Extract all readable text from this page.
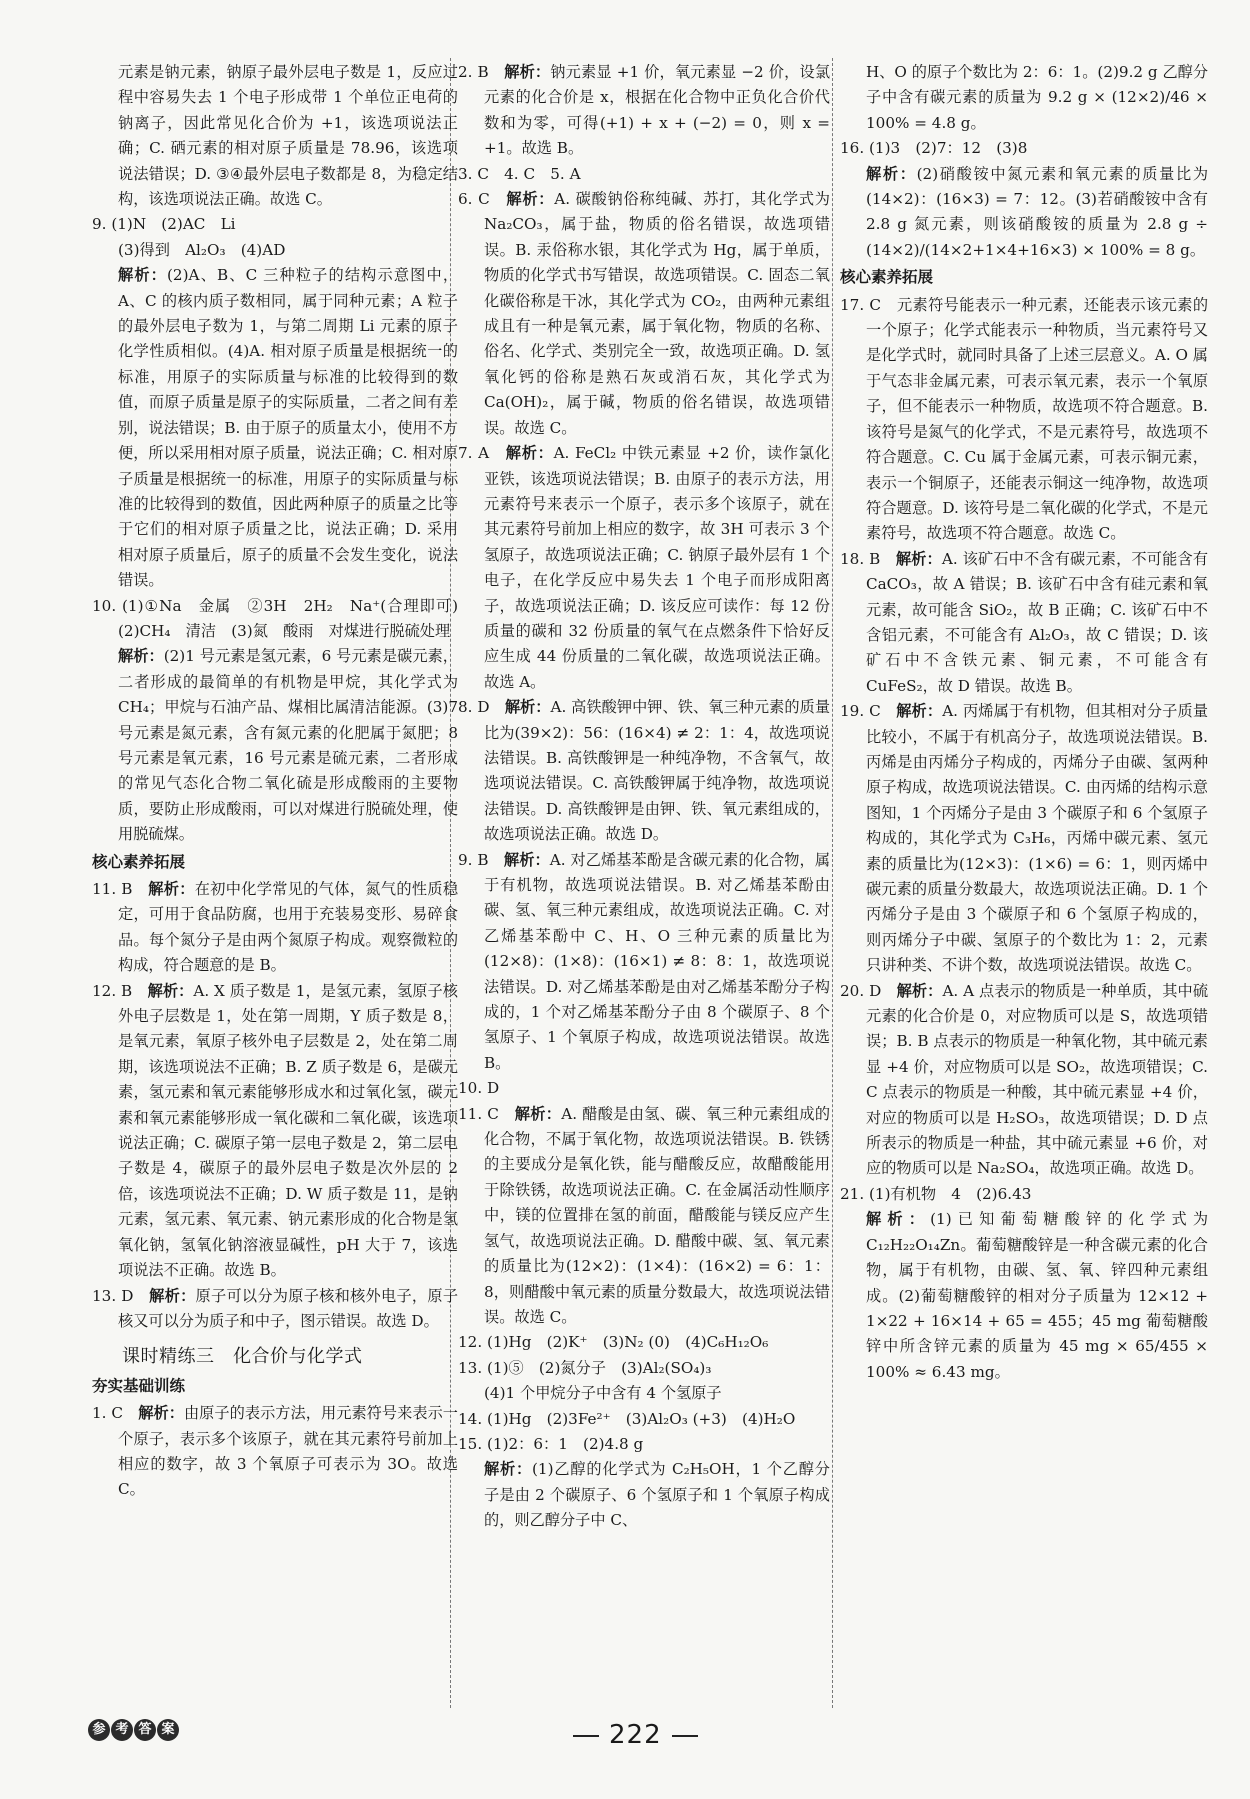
元素是钠元素，钠原子最外层电子数是 1，反应过程中容易失去 1 个电子形成带 1 个单位正电荷的钠离子，因此常见化合价为 +1，该选项说法正确；C. 硒元素的相对原子质量是 78.96，该选项说法错误；D. ③④最外层电子数都是 8，为稳定结构，该选项说法正确。故选 C。

9. (1)N　(2)AC　Li

(3)得到　Al₂O₃　(4)AD

解析：(2)A、B、C 三种粒子的结构示意图中，A、C 的核内质子数相同，属于同种元素；A 粒子的最外层电子数为 1，与第二周期 Li 元素的原子化学性质相似。(4)A. 相对原子质量是根据统一的标准，用原子的实际质量与标准的比较得到的数值，而原子质量是原子的实际质量，二者之间有差别，说法错误；B. 由于原子的质量太小，使用不方便，所以采用相对原子质量，说法正确；C. 相对原子质量是根据统一的标准，用原子的实际质量与标准的比较得到的数值，因此两种原子的质量之比等于它们的相对原子质量之比，说法正确；D. 采用相对原子质量后，原子的质量不会发生变化，说法错误。

10. (1)①Na　金属　②3H　2H₂　Na⁺(合理即可)　(2)CH₄　清洁　(3)氮　酸雨　对煤进行脱硫处理

解析：(2)1 号元素是氢元素，6 号元素是碳元素，二者形成的最简单的有机物是甲烷，其化学式为 CH₄；甲烷与石油产品、煤相比属清洁能源。(3)7 号元素是氮元素，含有氮元素的化肥属于氮肥；8 号元素是氧元素，16 号元素是硫元素，二者形成的常见气态化合物二氧化硫是形成酸雨的主要物质，要防止形成酸雨，可以对煤进行脱硫处理，使用脱硫煤。

核心素养拓展

11. B　解析：在初中化学常见的气体，氮气的性质稳定，可用于食品防腐，也用于充装易变形、易碎食品。每个氮分子是由两个氮原子构成。观察微粒的构成，符合题意的是 B。

12. B　解析：A. X 质子数是 1，是氢元素，氢原子核外电子层数是 1，处在第一周期，Y 质子数是 8，是氧元素，氧原子核外电子层数是 2，处在第二周期，该选项说法不正确；B. Z 质子数是 6，是碳元素，氢元素和氧元素能够形成水和过氧化氢，碳元素和氧元素能够形成一氧化碳和二氧化碳，该选项说法正确；C. 碳原子第一层电子数是 2，第二层电子数是 4，碳原子的最外层电子数是次外层的 2 倍，该选项说法不正确；D. W 质子数是 11，是钠元素，氢元素、氧元素、钠元素形成的化合物是氢氧化钠，氢氧化钠溶液显碱性，pH 大于 7，该选项说法不正确。故选 B。

13. D　解析：原子可以分为原子核和核外电子，原子核又可以分为质子和中子，图示错误。故选 D。

课时精练三　化合价与化学式
夯实基础训练

1. C　解析：由原子的表示方法，用元素符号来表示一个原子，表示多个该原子，就在其元素符号前加上相应的数字，故 3 个氧原子可表示为 3O。故选 C。

2. B　解析：钠元素显 +1 价，氧元素显 −2 价，设氯元素的化合价是 x，根据在化合物中正负化合价代数和为零，可得(+1) + x + (−2) = 0，则 x = +1。故选 B。

3. C　4. C　5. A

6. C　解析：A. 碳酸钠俗称纯碱、苏打，其化学式为 Na₂CO₃，属于盐，物质的俗名错误，故选项错误。B. 汞俗称水银，其化学式为 Hg，属于单质，物质的化学式书写错误，故选项错误。C. 固态二氧化碳俗称是干冰，其化学式为 CO₂，由两种元素组成且有一种是氧元素，属于氧化物，物质的名称、俗名、化学式、类别完全一致，故选项正确。D. 氢氧化钙的俗称是熟石灰或消石灰，其化学式为 Ca(OH)₂，属于碱，物质的俗名错误，故选项错误。故选 C。

7. A　解析：A. FeCl₂ 中铁元素显 +2 价，读作氯化亚铁，该选项说法错误；B. 由原子的表示方法，用元素符号来表示一个原子，表示多个该原子，就在其元素符号前加上相应的数字，故 3H 可表示 3 个氢原子，故选项说法正确；C. 钠原子最外层有 1 个电子，在化学反应中易失去 1 个电子而形成阳离子，故选项说法正确；D. 该反应可读作：每 12 份质量的碳和 32 份质量的氧气在点燃条件下恰好反应生成 44 份质量的二氧化碳，故选项说法正确。故选 A。

8. D　解析：A. 高铁酸钾中钾、铁、氧三种元素的质量比为(39×2)：56：(16×4) ≠ 2：1：4，故选项说法错误。B. 高铁酸钾是一种纯净物，不含氧气，故选项说法错误。C. 高铁酸钾属于纯净物，故选项说法错误。D. 高铁酸钾是由钾、铁、氧元素组成的，故选项说法正确。故选 D。

9. B　解析：A. 对乙烯基苯酚是含碳元素的化合物，属于有机物，故选项说法错误。B. 对乙烯基苯酚由碳、氢、氧三种元素组成，故选项说法正确。C. 对乙烯基苯酚中 C、H、O 三种元素的质量比为(12×8)：(1×8)：(16×1) ≠ 8：8：1，故选项说法错误。D. 对乙烯基苯酚是由对乙烯基苯酚分子构成的，1 个对乙烯基苯酚分子由 8 个碳原子、8 个氢原子、1 个氧原子构成，故选项说法错误。故选 B。

10. D

11. C　解析：A. 醋酸是由氢、碳、氧三种元素组成的化合物，不属于氧化物，故选项说法错误。B. 铁锈的主要成分是氧化铁，能与醋酸反应，故醋酸能用于除铁锈，故选项说法正确。C. 在金属活动性顺序中，镁的位置排在氢的前面，醋酸能与镁反应产生氢气，故选项说法正确。D. 醋酸中碳、氢、氧元素的质量比为(12×2)：(1×4)：(16×2) = 6：1：8，则醋酸中氧元素的质量分数最大，故选项说法错误。故选 C。

12. (1)Hg　(2)K⁺　(3)N₂ (0)　(4)C₆H₁₂O₆

13. (1)⑤　(2)氮分子　(3)Al₂(SO₄)₃

(4)1 个甲烷分子中含有 4 个氢原子

14. (1)Hg　(2)3Fe²⁺　(3)Al₂O₃ (+3)　(4)H₂O

15. (1)2：6：1　(2)4.8 g

解析：(1)乙醇的化学式为 C₂H₅OH，1 个乙醇分子是由 2 个碳原子、6 个氢原子和 1 个氧原子构成的，则乙醇分子中 C、

H、O 的原子个数比为 2：6：1。(2)9.2 g 乙醇分子中含有碳元素的质量为 9.2 g × (12×2)/46 × 100% = 4.8 g。

16. (1)3　(2)7：12　(3)8

解析：(2)硝酸铵中氮元素和氧元素的质量比为(14×2)：(16×3) = 7：12。(3)若硝酸铵中含有 2.8 g 氮元素，则该硝酸铵的质量为 2.8 g ÷ (14×2)/(14×2+1×4+16×3) × 100% = 8 g。

核心素养拓展

17. C　元素符号能表示一种元素，还能表示该元素的一个原子；化学式能表示一种物质，当元素符号又是化学式时，就同时具备了上述三层意义。A. O 属于气态非金属元素，可表示氧元素，表示一个氧原子，但不能表示一种物质，故选项不符合题意。B. 该符号是氮气的化学式，不是元素符号，故选项不符合题意。C. Cu 属于金属元素，可表示铜元素，表示一个铜原子，还能表示铜这一纯净物，故选项符合题意。D. 该符号是二氧化碳的化学式，不是元素符号，故选项不符合题意。故选 C。

18. B　解析：A. 该矿石中不含有碳元素，不可能含有 CaCO₃，故 A 错误；B. 该矿石中含有硅元素和氧元素，故可能含 SiO₂，故 B 正确；C. 该矿石中不含铝元素，不可能含有 Al₂O₃，故 C 错误；D. 该矿石中不含铁元素、铜元素，不可能含有 CuFeS₂，故 D 错误。故选 B。

19. C　解析：A. 丙烯属于有机物，但其相对分子质量比较小，不属于有机高分子，故选项说法错误。B. 丙烯是由丙烯分子构成的，丙烯分子由碳、氢两种原子构成，故选项说法错误。C. 由丙烯的结构示意图知，1 个丙烯分子是由 3 个碳原子和 6 个氢原子构成的，其化学式为 C₃H₆，丙烯中碳元素、氢元素的质量比为(12×3)：(1×6) = 6：1，则丙烯中碳元素的质量分数最大，故选项说法正确。D. 1 个丙烯分子是由 3 个碳原子和 6 个氢原子构成的，则丙烯分子中碳、氢原子的个数比为 1：2，元素只讲种类、不讲个数，故选项说法错误。故选 C。

20. D　解析：A. A 点表示的物质是一种单质，其中硫元素的化合价是 0，对应物质可以是 S，故选项错误；B. B 点表示的物质是一种氧化物，其中硫元素显 +4 价，对应物质可以是 SO₂，故选项错误；C. C 点表示的物质是一种酸，其中硫元素显 +4 价，对应的物质可以是 H₂SO₃，故选项错误；D. D 点所表示的物质是一种盐，其中硫元素显 +6 价，对应的物质可以是 Na₂SO₄，故选项正确。故选 D。

21. (1)有机物　4　(2)6.43

解析：(1)已知葡萄糖酸锌的化学式为 C₁₂H₂₂O₁₄Zn。葡萄糖酸锌是一种含碳元素的化合物，属于有机物，由碳、氢、氧、锌四种元素组成。(2)葡萄糖酸锌的相对分子质量为 12×12 + 1×22 + 16×14 + 65 = 455；45 mg 葡萄糖酸锌中所含锌元素的质量为 45 mg × 65/455 × 100% ≈ 6.43 mg。

参 考 答 案	222
